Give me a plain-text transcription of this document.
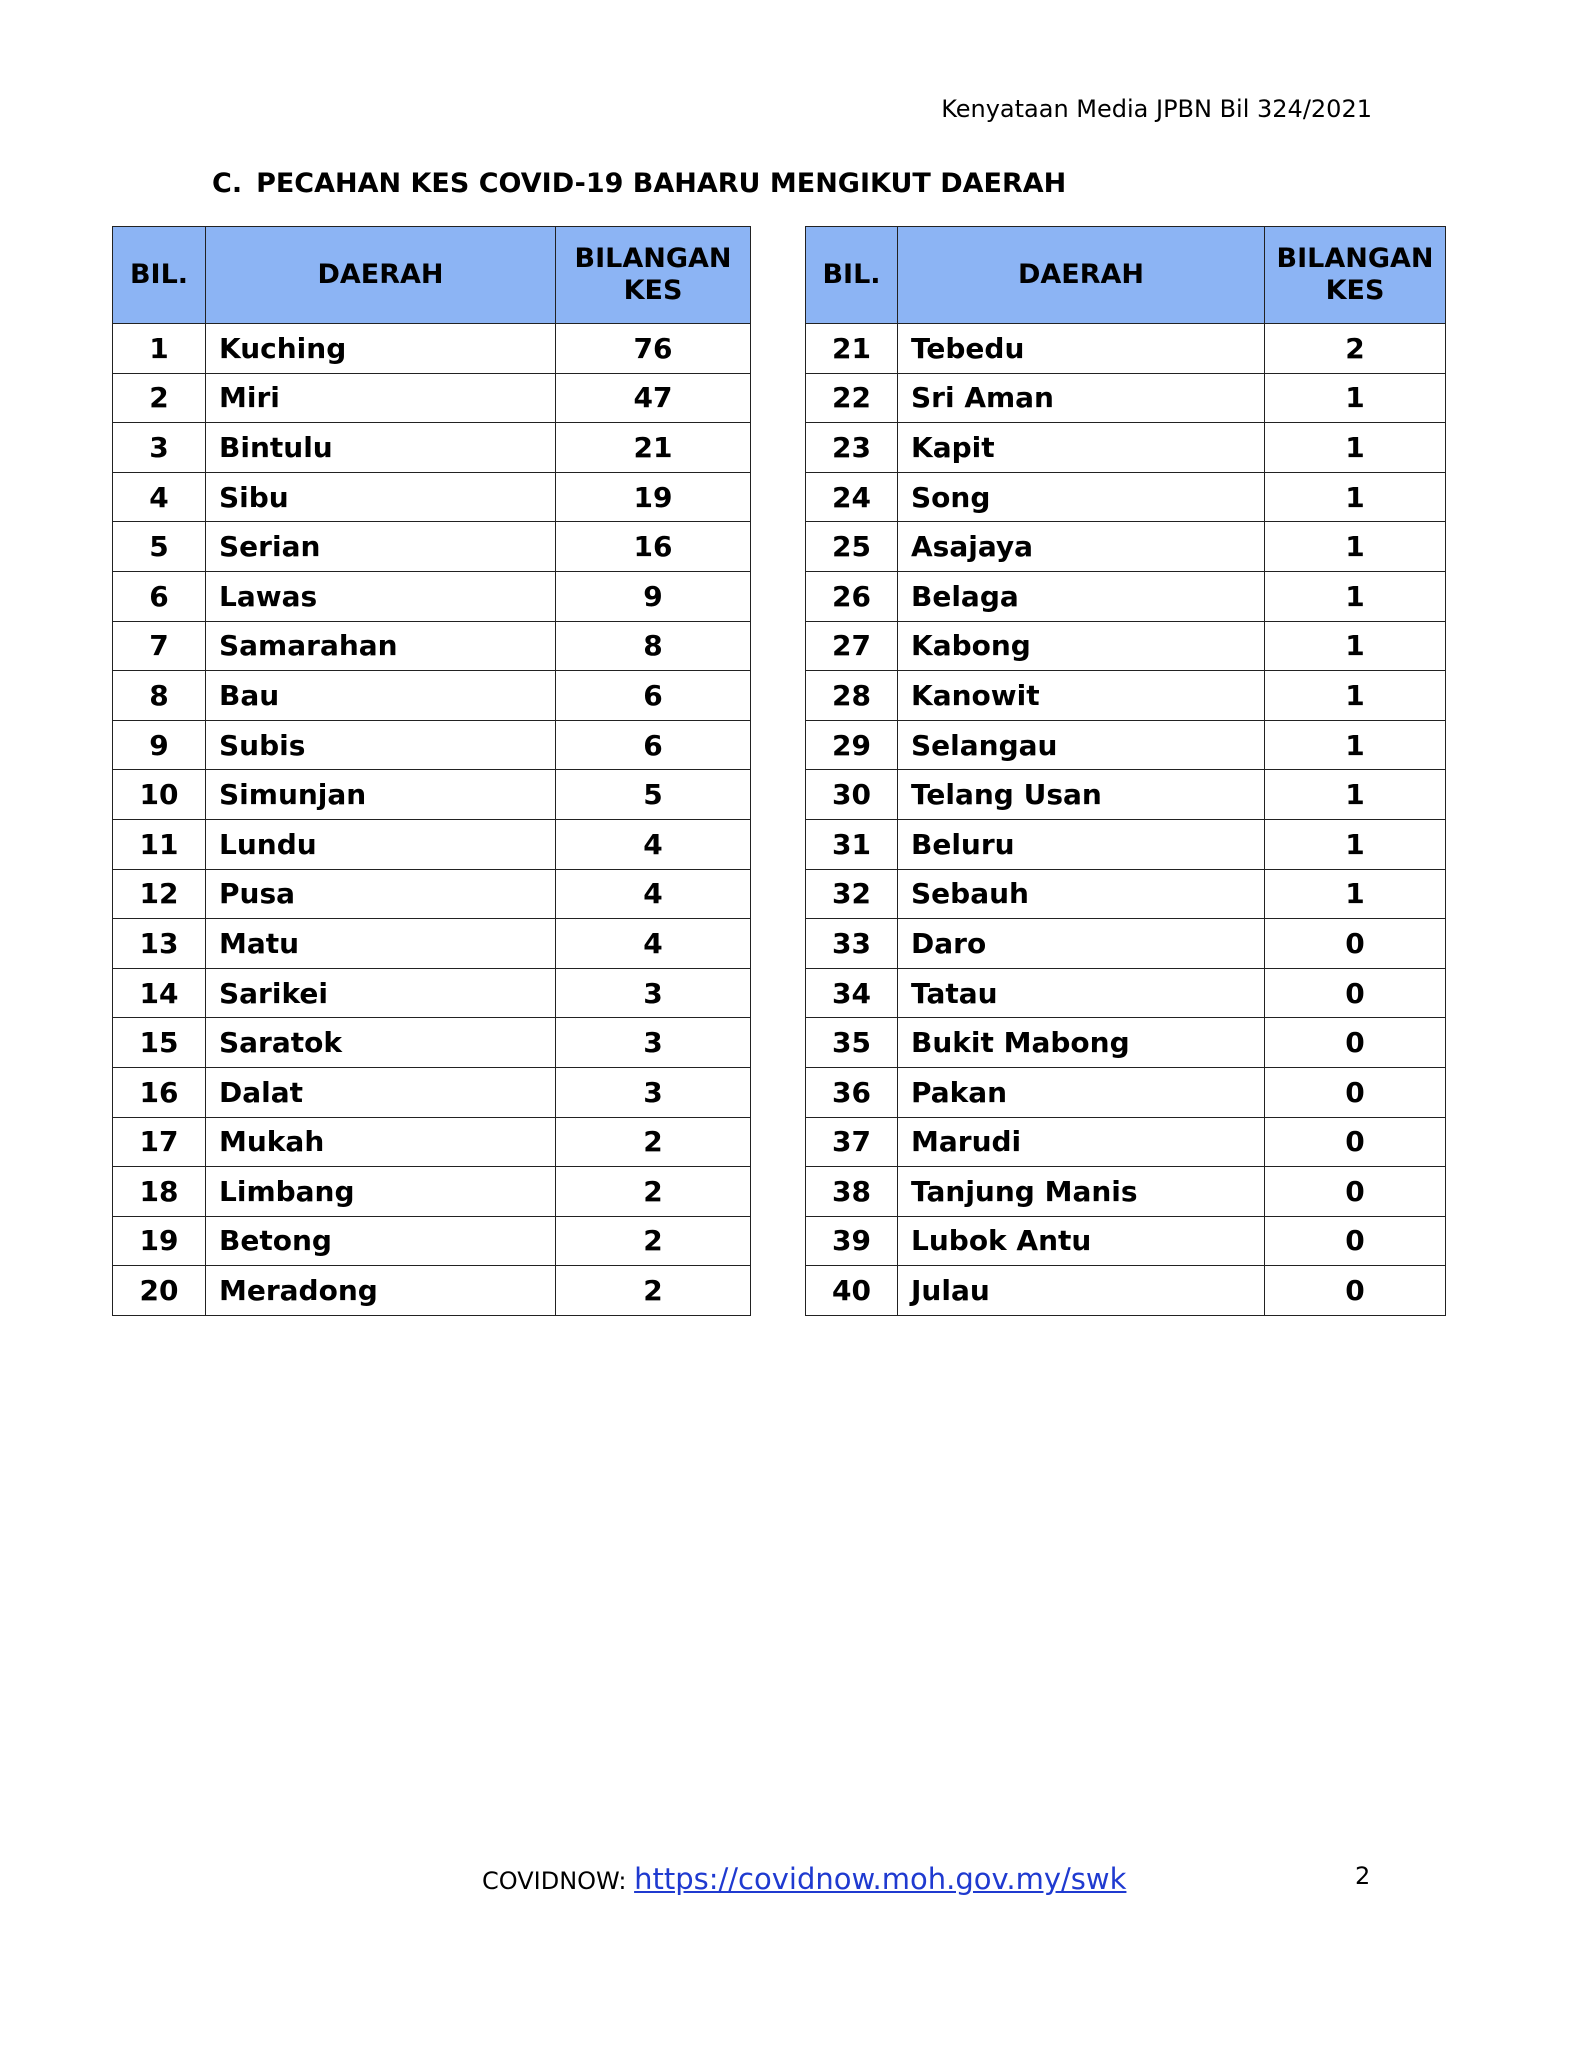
Kenyataan Media JPBN Bil 324/2021
C. PECAHAN KES COVID-19 BAHARU MENGIKUT DAERAH
BIL.	DAERAH	BILANGAN
KES

1	Kuching	76
2	Miri	47
3	Bintulu	21
4	Sibu	19
5	Serian	16
6	Lawas	9
7	Samarahan	8
8	Bau	6
9	Subis	6
10	Simunjan	5
11	Lundu	4
12	Pusa	4
13	Matu	4
14	Sarikei	3
15	Saratok	3
16	Dalat	3
17	Mukah	2
18	Limbang	2
19	Betong	2
20	Meradong	2
BIL.	DAERAH	BILANGAN
KES

21	Tebedu	2
22	Sri Aman	1
23	Kapit	1
24	Song	1
25	Asajaya	1
26	Belaga	1
27	Kabong	1
28	Kanowit	1
29	Selangau	1
30	Telang Usan	1
31	Beluru	1
32	Sebauh	1
33	Daro	0
34	Tatau	0
35	Bukit Mabong	0
36	Pakan	0
37	Marudi	0
38	Tanjung Manis	0
39	Lubok Antu	0
40	Julau	0
COVIDNOW: https://covidnow.moh.gov.my/swk	2
